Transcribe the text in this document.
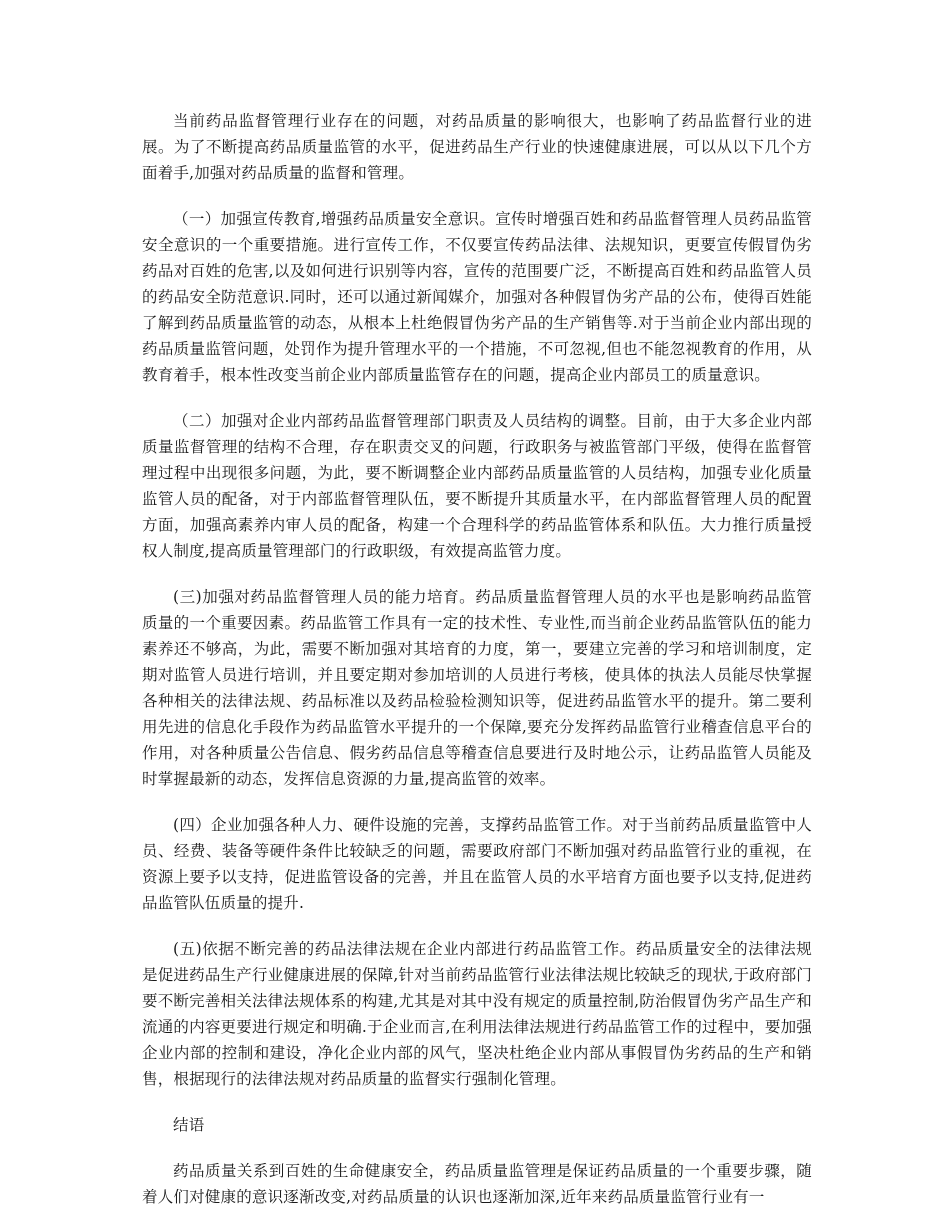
当前药品监督管理行业存在的问题，对药品质量的影响很大，也影响了药品监督行业的进展。为了不断提高药品质量监管的水平，促进药品生产行业的快速健康进展，可以从以下几个方面着手,加强对药品质量的监督和管理。

（一）加强宣传教育,增强药品质量安全意识。宣传时增强百姓和药品监督管理人员药品监管安全意识的一个重要措施。进行宣传工作，不仅要宣传药品法律、法规知识，更要宣传假冒伪劣药品对百姓的危害,以及如何进行识别等内容，宣传的范围要广泛，不断提高百姓和药品监管人员的药品安全防范意识.同时，还可以通过新闻媒介，加强对各种假冒伪劣产品的公布，使得百姓能了解到药品质量监管的动态，从根本上杜绝假冒伪劣产品的生产销售等.对于当前企业内部出现的药品质量监管问题，处罚作为提升管理水平的一个措施，不可忽视,但也不能忽视教育的作用，从教育着手，根本性改变当前企业内部质量监管存在的问题，提高企业内部员工的质量意识。

（二）加强对企业内部药品监督管理部门职责及人员结构的调整。目前，由于大多企业内部质量监督管理的结构不合理，存在职责交叉的问题，行政职务与被监管部门平级，使得在监督管理过程中出现很多问题，为此，要不断调整企业内部药品质量监管的人员结构，加强专业化质量监管人员的配备，对于内部监督管理队伍，要不断提升其质量水平，在内部监督管理人员的配置方面，加强高素养内审人员的配备，构建一个合理科学的药品监管体系和队伍。大力推行质量授权人制度,提高质量管理部门的行政职级，有效提高监管力度。

(三)加强对药品监督管理人员的能力培育。药品质量监督管理人员的水平也是影响药品监管质量的一个重要因素。药品监管工作具有一定的技术性、专业性,而当前企业药品监管队伍的能力素养还不够高，为此，需要不断加强对其培育的力度，第一，要建立完善的学习和培训制度，定期对监管人员进行培训，并且要定期对参加培训的人员进行考核，使具体的执法人员能尽快掌握各种相关的法律法规、药品标准以及药品检验检测知识等，促进药品监管水平的提升。第二要利用先进的信息化手段作为药品监管水平提升的一个保障,要充分发挥药品监管行业稽查信息平台的作用，对各种质量公告信息、假劣药品信息等稽查信息要进行及时地公示，让药品监管人员能及时掌握最新的动态，发挥信息资源的力量,提高监管的效率。

(四）企业加强各种人力、硬件设施的完善，支撑药品监管工作。对于当前药品质量监管中人员、经费、装备等硬件条件比较缺乏的问题，需要政府部门不断加强对药品监管行业的重视，在资源上要予以支持，促进监管设备的完善，并且在监管人员的水平培育方面也要予以支持,促进药品监管队伍质量的提升.

(五)依据不断完善的药品法律法规在企业内部进行药品监管工作。药品质量安全的法律法规是促进药品生产行业健康进展的保障,针对当前药品监管行业法律法规比较缺乏的现状,于政府部门要不断完善相关法律法规体系的构建,尤其是对其中没有规定的质量控制,防治假冒伪劣产品生产和流通的内容更要进行规定和明确.于企业而言,在利用法律法规进行药品监管工作的过程中，要加强企业内部的控制和建设，净化企业内部的风气，坚决杜绝企业内部从事假冒伪劣药品的生产和销售，根据现行的法律法规对药品质量的监督实行强制化管理。

结语

药品质量关系到百姓的生命健康安全，药品质量监管理是保证药品质量的一个重要步骤，随着人们对健康的意识逐渐改变,对药品质量的认识也逐渐加深,近年来药品质量监管行业有一
